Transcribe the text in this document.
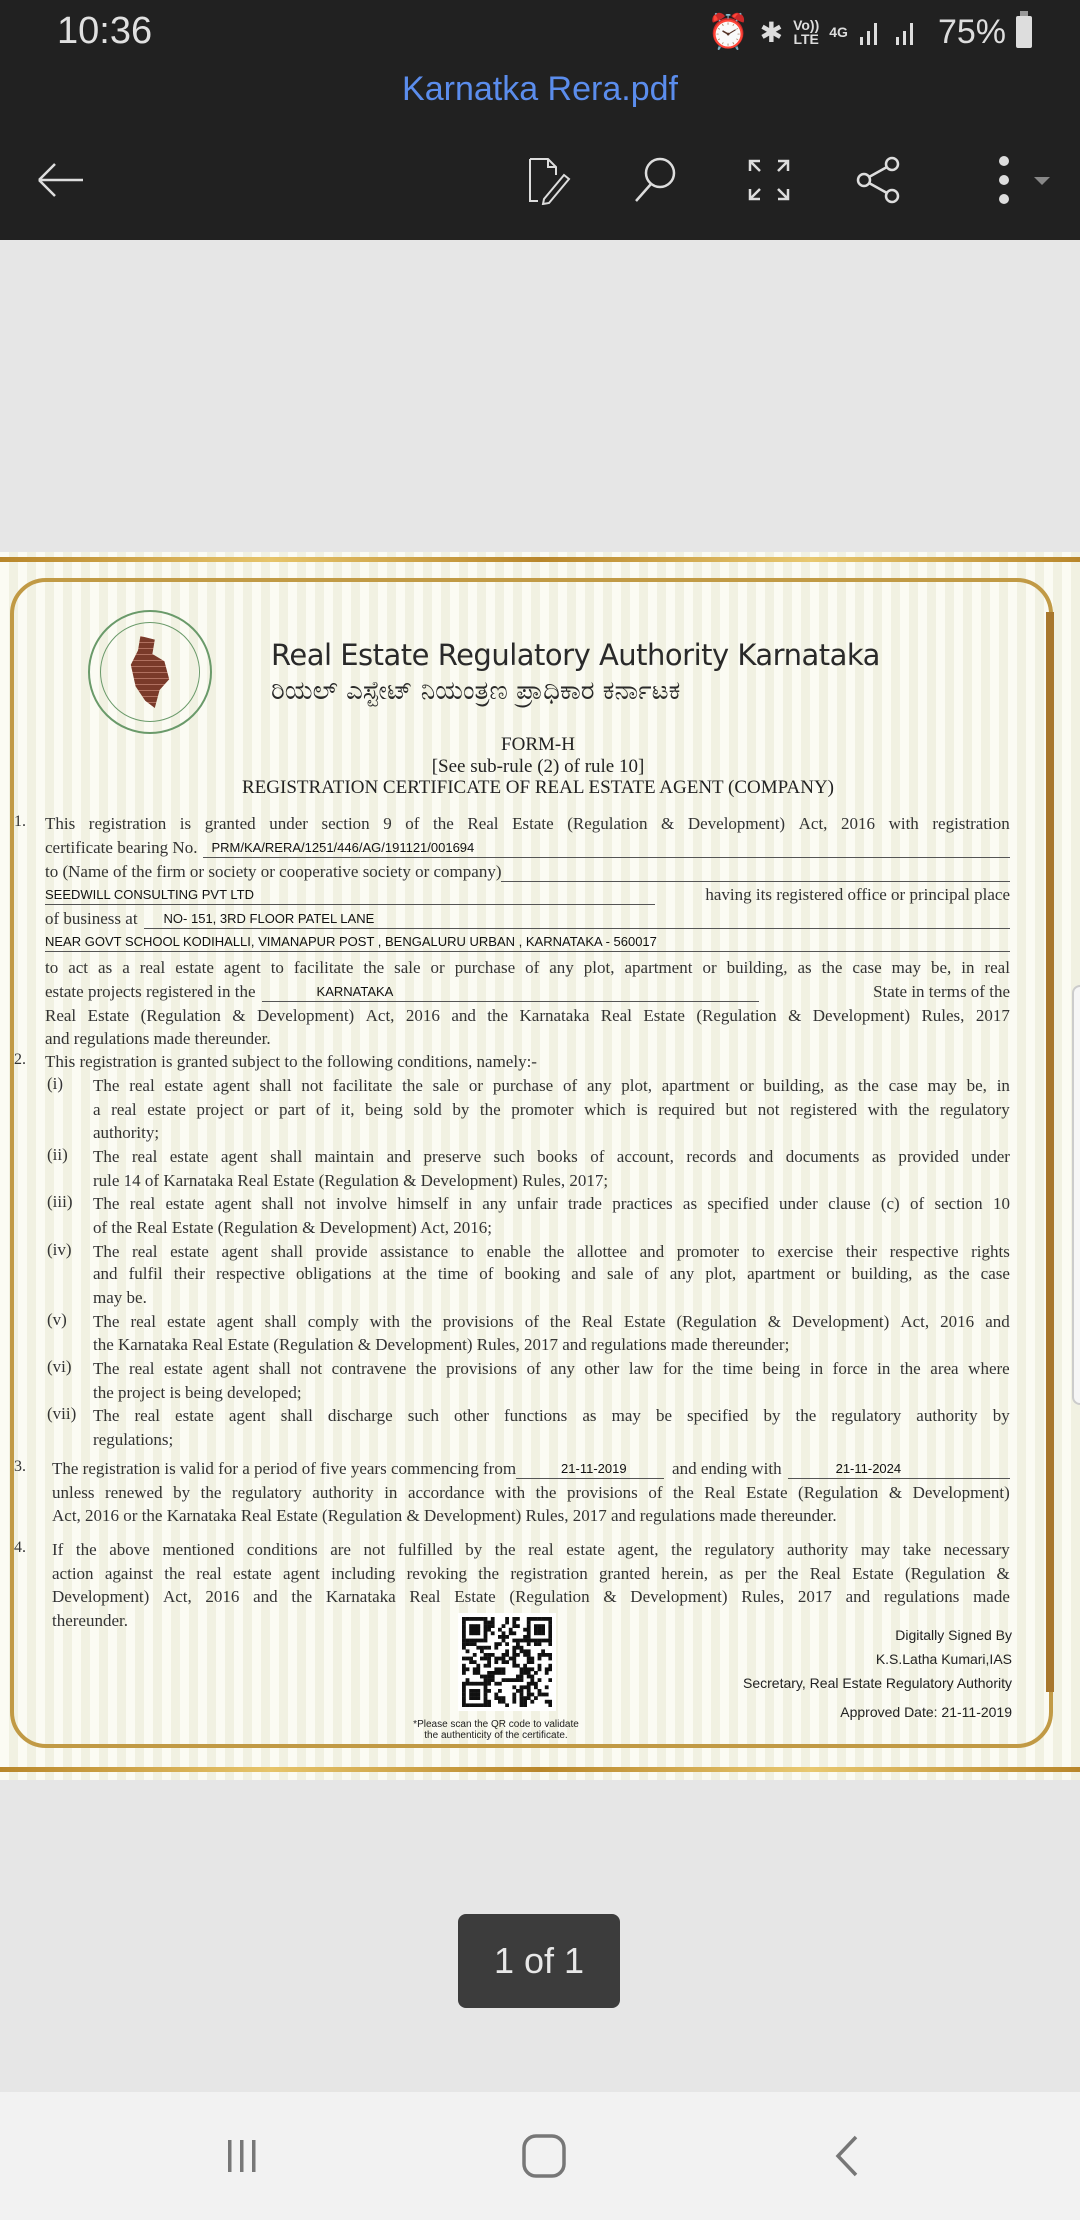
10:36	⏰ ✱ Vo))
LTE 4G	75%
Karnatka Rera.pdf
Real Estate Regulatory Authority Karnataka
ರಿಯಲ್ ಎಸ್ಟೇಟ್ ನಿಯಂತ್ರಣ ಪ್ರಾಧಿಕಾರ ಕರ್ನಾಟಕ
FORM-H
[See sub-rule (2) of rule 10]
REGISTRATION CERTIFICATE OF REAL ESTATE AGENT (COMPANY)
1. This registration is granted under section 9 of the Real Estate (Regulation & Development) Act, 2016 with registration
certificate bearing No.	PRM/KA/RERA/1251/446/AG/191121/001694
to (Name of the firm or society or cooperative society or company)
SEEDWILL CONSULTING PVT LTD	having its registered office or principal place
of business at	NO- 151, 3RD FLOOR PATEL LANE
NEAR GOVT SCHOOL KODIHALLI, VIMANAPUR POST , BENGALURU URBAN , KARNATAKA - 560017
to act as a real estate agent to facilitate the sale or purchase of any plot, apartment or building, as the case may be, in real
estate projects registered in the	KARNATAKA	State in terms of the
Real Estate (Regulation & Development) Act, 2016 and the Karnataka Real Estate (Regulation & Development) Rules, 2017
and regulations made thereunder.
2. This registration is granted subject to the following conditions, namely:-
3. The registration is valid for a period of five years commencing from	21-11-2019	and ending with	21-11-2024
unless renewed by the regulatory authority in accordance with the provisions of the Real Estate (Regulation & Development)
Act, 2016 or the Karnataka Real Estate (Regulation & Development) Rules, 2017 and regulations made thereunder.
4. If the above mentioned conditions are not fulfilled by the real estate agent, the regulatory authority may take necessary
action against the real estate agent including revoking the registration granted herein, as per the Real Estate (Regulation &
Development) Act, 2016 and the Karnataka Real Estate (Regulation & Development) Rules, 2017 and regulations made
thereunder.
*Please scan the QR code to validate
the authenticity of the certificate.
Digitally Signed By
K.S.Latha Kumari,IAS
Secretary, Real Estate Regulatory Authority
Approved Date: 21-11-2019
(i) The real estate agent shall not facilitate the sale or purchase of any plot, apartment or building, as the case may be, in
a real estate project or part of it, being sold by the promoter which is required but not registered with the regulatory
authority;
(ii) The real estate agent shall maintain and preserve such books of account, records and documents as provided under
rule 14 of Karnataka Real Estate (Regulation & Development) Rules, 2017;
(iii) The real estate agent shall not involve himself in any unfair trade practices as specified under clause (c) of section 10
of the Real Estate (Regulation & Development) Act, 2016;
(iv) The real estate agent shall provide assistance to enable the allottee and promoter to exercise their respective rights
and fulfil their respective obligations at the time of booking and sale of any plot, apartment or building, as the case
may be.
(v) The real estate agent shall comply with the provisions of the Real Estate (Regulation & Development) Act, 2016 and
the Karnataka Real Estate (Regulation & Development) Rules, 2017 and regulations made thereunder;
(vi) The real estate agent shall not contravene the provisions of any other law for the time being in force in the area where
the project is being developed;
(vii) The real estate agent shall discharge such other functions as may be specified by the regulatory authority by
regulations;
1 of 1
